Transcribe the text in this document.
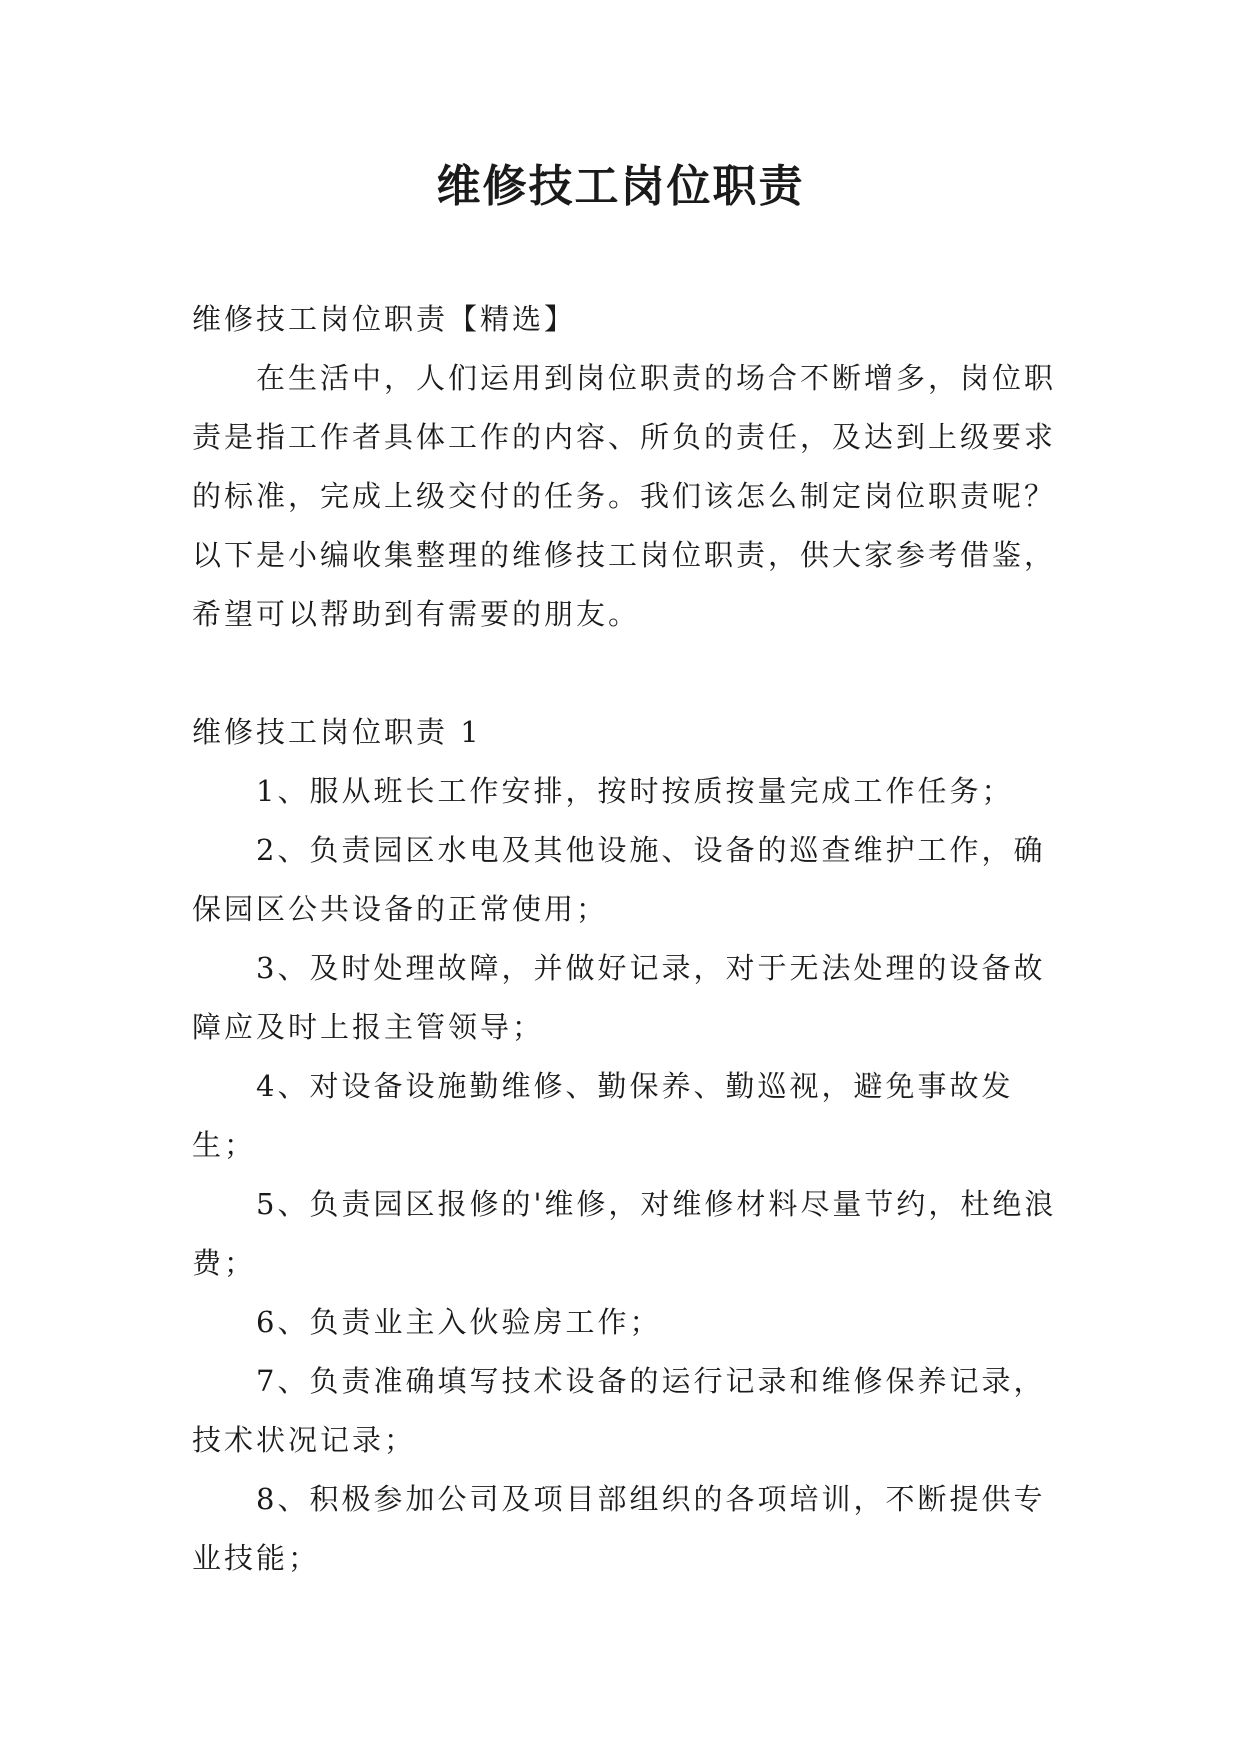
维修技工岗位职责

维修技工岗位职责【精选】

在生活中，人们运用到岗位职责的场合不断增多，岗位职责是指工作者具体工作的内容、所负的责任，及达到上级要求的标准，完成上级交付的任务。我们该怎么制定岗位职责呢？以下是小编收集整理的维修技工岗位职责，供大家参考借鉴，希望可以帮助到有需要的朋友。

维修技工岗位职责 1

1、服从班长工作安排，按时按质按量完成工作任务；

2、负责园区水电及其他设施、设备的巡查维护工作，确保园区公共设备的正常使用；

3、及时处理故障，并做好记录，对于无法处理的设备故障应及时上报主管领导；

4、对设备设施勤维修、勤保养、勤巡视，避免事故发生；

5、负责园区报修的'维修，对维修材料尽量节约，杜绝浪费；

6、负责业主入伙验房工作；

7、负责准确填写技术设备的运行记录和维修保养记录，技术状况记录；

8、积极参加公司及项目部组织的各项培训，不断提供专业技能；
